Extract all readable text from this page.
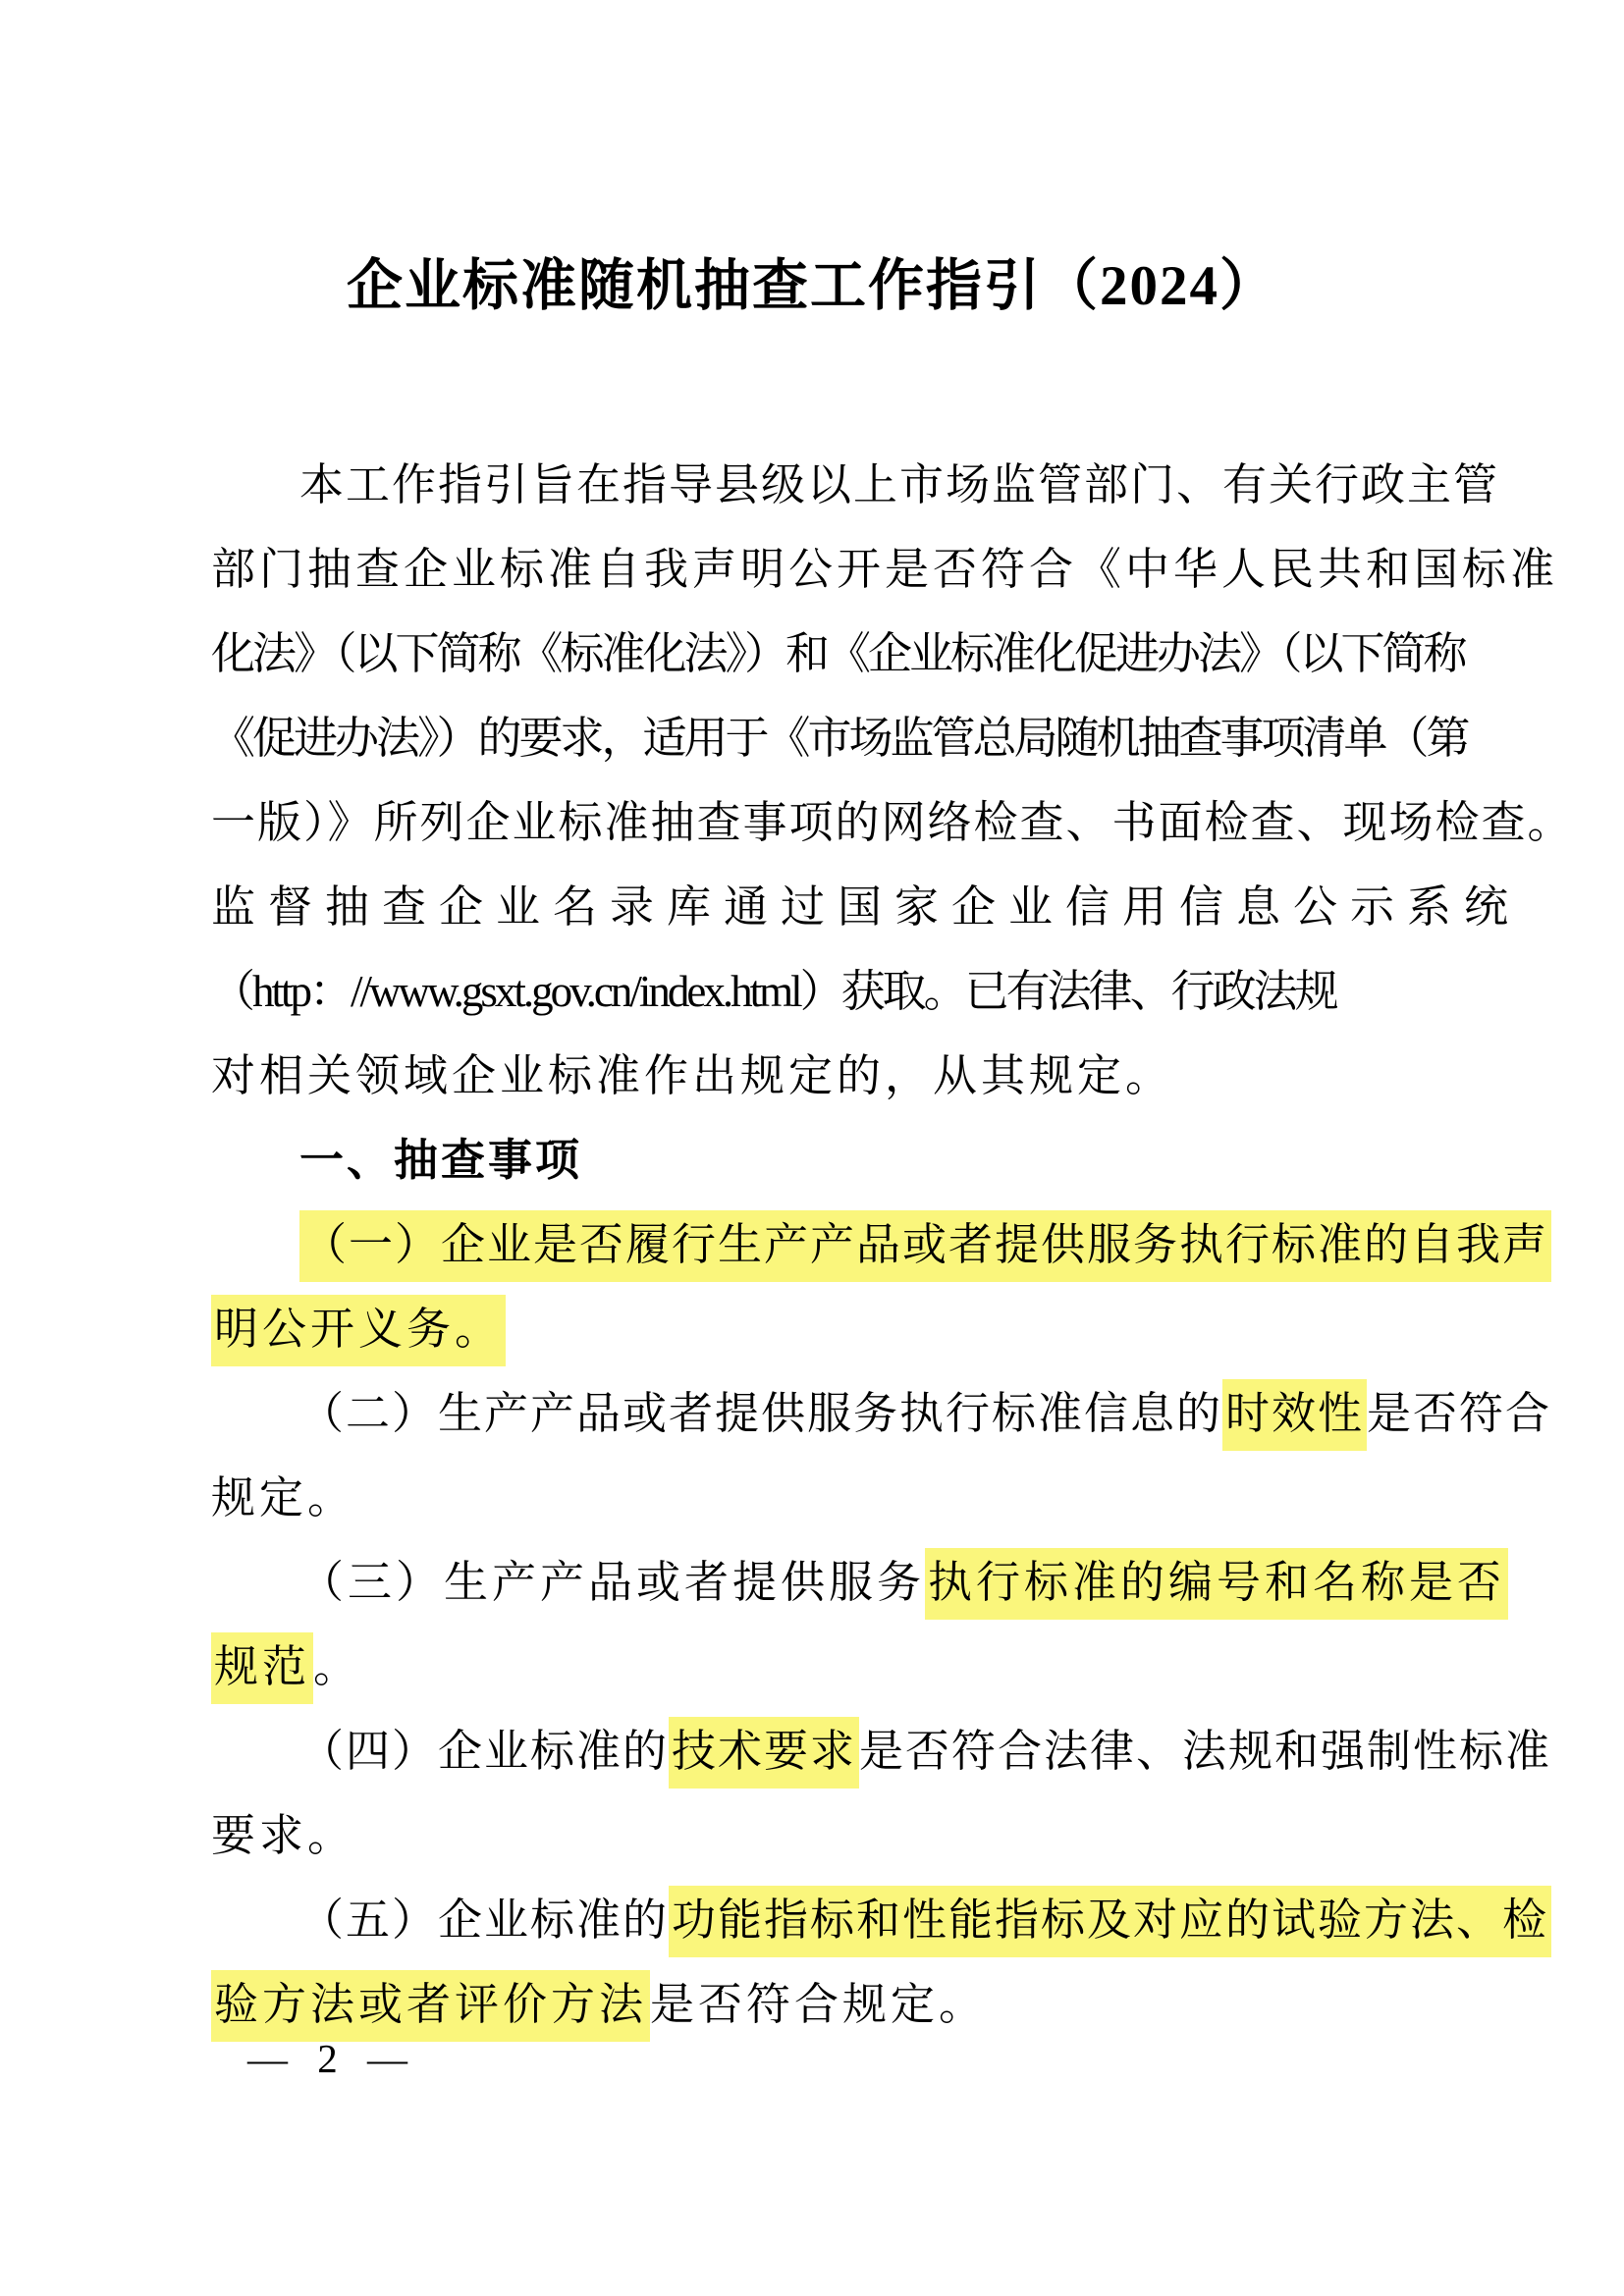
企业标准随机抽查工作指引（2024）
本工作指引旨在指导县级以上市场监管部门、有关行政主管
部门抽查企业标准自我声明公开是否符合《中华人民共和国标准
化法》（以下简称《标准化法》）和《企业标准化促进办法》（以下简称
《促进办法》）的要求，适用于《市场监管总局随机抽查事项清单（第
一版）》所列企业标准抽查事项的网络检查、书面检查、现场检查。
监督抽查企业名录库通过国家企业信用信息公示系统
（http：//www.gsxt.gov.cn/index.html）获取。已有法律、行政法规
对相关领域企业标准作出规定的，从其规定。
一、抽查事项
（一）企业是否履行生产产品或者提供服务执行标准的自我声
明公开义务。
（二）生产产品或者提供服务执行标准信息的时效性是否符合
规定。
（三）生产产品或者提供服务执行标准的编号和名称是否
规范。
（四）企业标准的技术要求是否符合法律、法规和强制性标准
要求。
（五）企业标准的功能指标和性能指标及对应的试验方法、检
验方法或者评价方法是否符合规定。
— 2 —
